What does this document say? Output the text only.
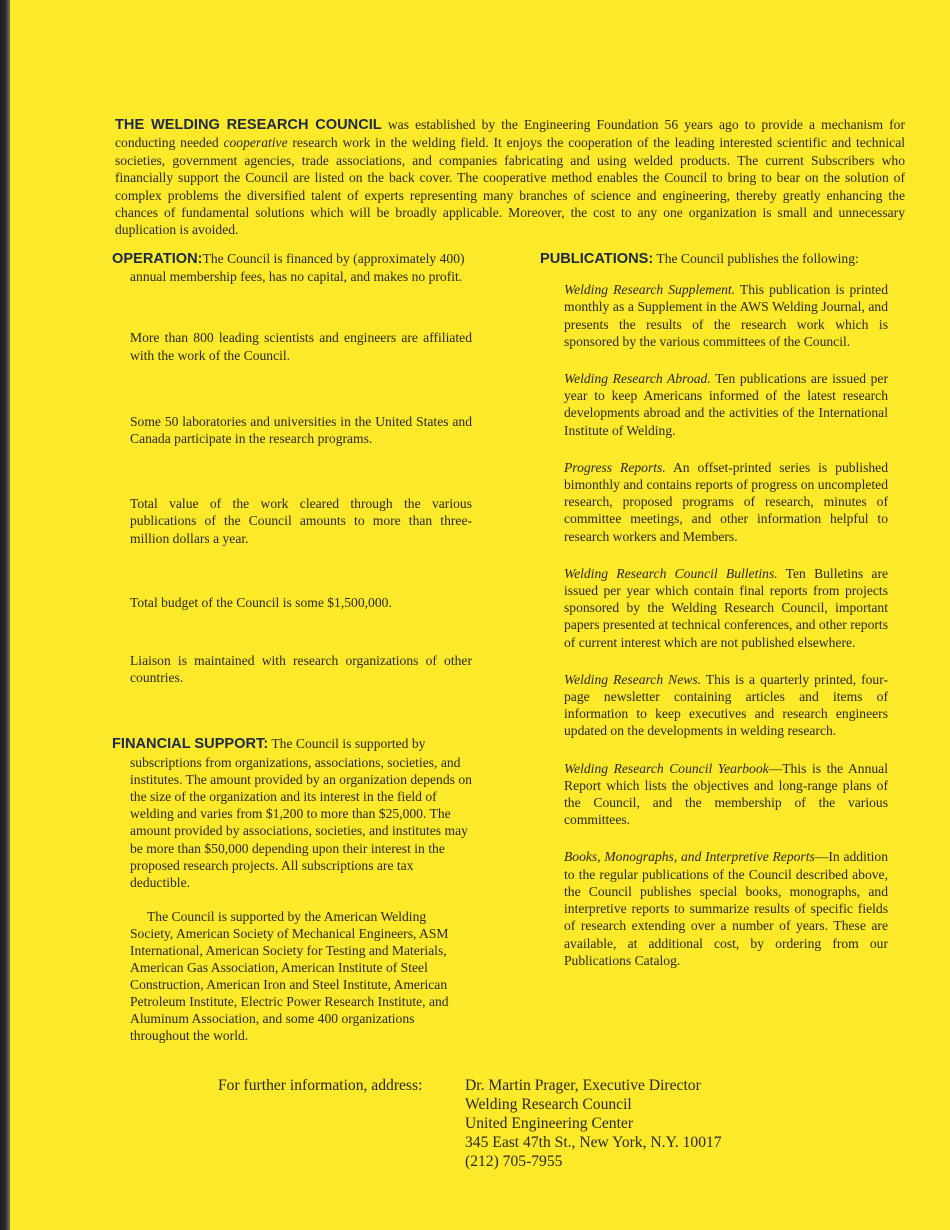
THE WELDING RESEARCH COUNCIL was established by the Engineering Foundation 56 years ago to provide a mechanism for conducting needed cooperative research work in the welding field. It enjoys the cooperation of the leading interested scientific and technical societies, government agencies, trade associations, and companies fabricating and using welded products. The current Subscribers who financially support the Council are listed on the back cover. The cooperative method enables the Council to bring to bear on the solution of complex problems the diversified talent of experts representing many branches of science and engineering, thereby greatly enhancing the chances of fundamental solutions which will be broadly applicable. Moreover, the cost to any one organization is small and unnecessary duplication is avoided.

OPERATION:The Council is financed by (approximately 400) annual membership fees, has no capital, and makes no profit.

More than 800 leading scientists and engineers are affiliated with the work of the Council.

Some 50 laboratories and universities in the United States and Canada participate in the research programs.

Total value of the work cleared through the various publications of the Council amounts to more than three-million dollars a year.

Total budget of the Council is some $1,500,000.

Liaison is maintained with research organizations of other countries.

FINANCIAL SUPPORT: The Council is supported by subscriptions from organizations, associations, societies, and institutes. The amount provided by an organization depends on the size of the organization and its interest in the field of welding and varies from $1,200 to more than $25,000. The amount provided by associations, societies, and institutes may be more than $50,000 depending upon their interest in the proposed research projects. All subscriptions are tax deductible.

The Council is supported by the American Welding Society, American Society of Mechanical Engineers, ASM International, American Society for Testing and Materials, American Gas Association, American Institute of Steel Construction, American Iron and Steel Institute, American Petroleum Institute, Electric Power Research Institute, and Aluminum Association, and some 400 organizations throughout the world.

PUBLICATIONS: The Council publishes the following:

Welding Research Supplement. This publication is printed monthly as a Supplement in the AWS Welding Journal, and presents the results of the research work which is sponsored by the various committees of the Council.

Welding Research Abroad. Ten publications are issued per year to keep Americans informed of the latest research developments abroad and the activities of the International Institute of Welding.

Progress Reports. An offset-printed series is published bimonthly and contains reports of progress on uncompleted research, proposed programs of research, minutes of committee meetings, and other information helpful to research workers and Members.

Welding Research Council Bulletins. Ten Bulletins are issued per year which contain final reports from projects sponsored by the Welding Research Council, important papers presented at technical conferences, and other reports of current interest which are not published elsewhere.

Welding Research News. This is a quarterly printed, four-page newsletter containing articles and items of information to keep executives and research engineers updated on the developments in welding research.

Welding Research Council Yearbook—This is the Annual Report which lists the objectives and long-range plans of the Council, and the membership of the various committees.

Books, Monographs, and Interpretive Reports—In addition to the regular publications of the Council described above, the Council publishes special books, monographs, and interpretive reports to summarize results of specific fields of research extending over a number of years. These are available, at additional cost, by ordering from our Publications Catalog.

For further information, address:	Dr. Martin Prager, Executive Director
Welding Research Council
United Engineering Center
345 East 47th St., New York, N.Y. 10017
(212) 705-7955
